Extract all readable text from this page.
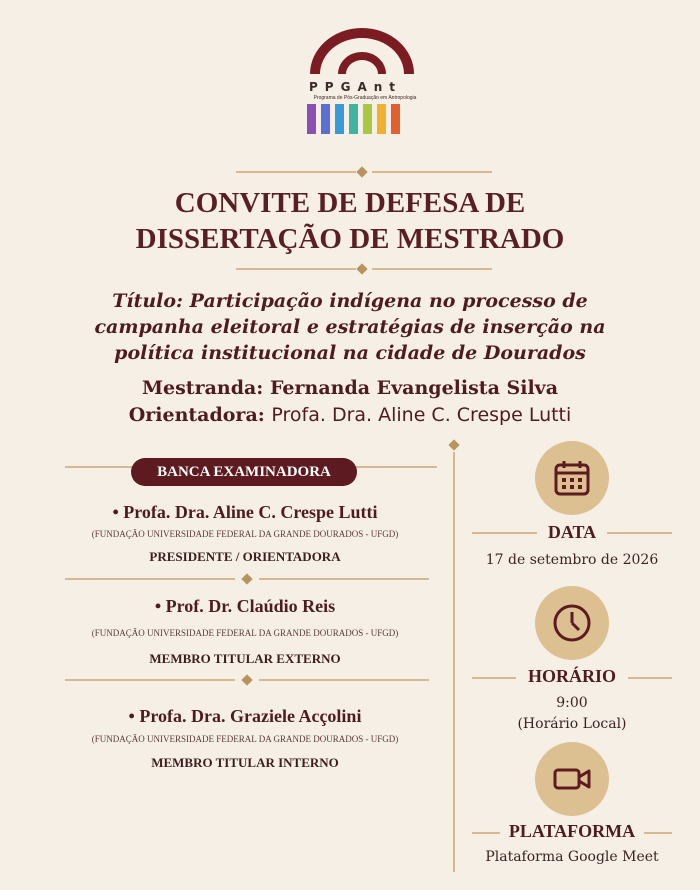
PPGAnt
Programa de Pós-Graduação em Antropologia
CONVITE DE DEFESA DE
DISSERTAÇÃO DE MESTRADO
Título: Participação indígena no processo de
campanha eleitoral e estratégias de inserção na
política institucional na cidade de Dourados
Mestranda: Fernanda Evangelista Silva
Orientadora: Profa. Dra. Aline C. Crespe Lutti
BANCA EXAMINADORA
• Profa. Dra. Aline C. Crespe Lutti
(FUNDAÇÃO UNIVERSIDADE FEDERAL DA GRANDE DOURADOS - UFGD)
PRESIDENTE / ORIENTADORA
• Prof. Dr. Claúdio Reis
(FUNDAÇÃO UNIVERSIDADE FEDERAL DA GRANDE DOURADOS - UFGD)
MEMBRO TITULAR EXTERNO
• Profa. Dra. Graziele Acçolini
(FUNDAÇÃO UNIVERSIDADE FEDERAL DA GRANDE DOURADOS - UFGD)
MEMBRO TITULAR INTERNO
DATA
17 de setembro de 2026
HORÁRIO
9:00
(Horário Local)
PLATAFORMA
Plataforma Google Meet
